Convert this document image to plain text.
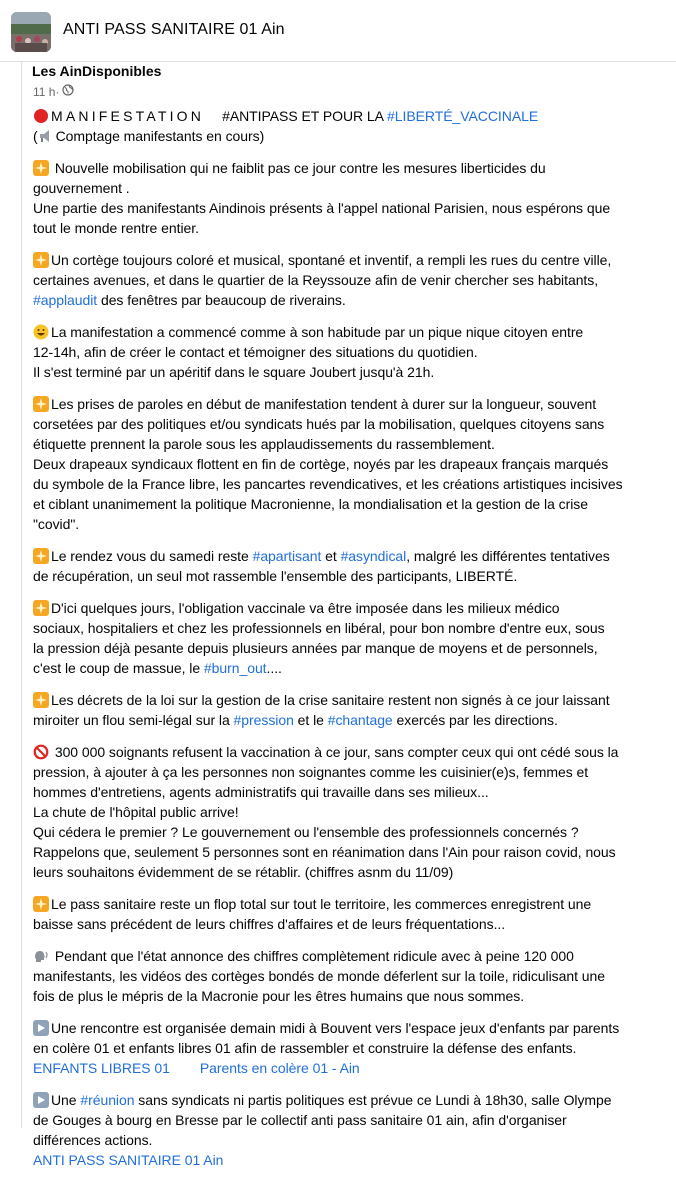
ANTI PASS SANITAIRE 01 Ain
Les AinDisponibles
11 h ·
MANIFESTATION #ANTIPASS ET POUR LA #LIBERTÉ_VACCINALE
( Comptage manifestants en cours)
Nouvelle mobilisation qui ne faiblit pas ce jour contre les mesures liberticides du
gouvernement .
Une partie des manifestants Aindinois présents à l'appel national Parisien, nous espérons que
tout le monde rentre entier.
Un cortège toujours coloré et musical, spontané et inventif, a rempli les rues du centre ville,
certaines avenues, et dans le quartier de la Reyssouze afin de venir chercher ses habitants,
#applaudit des fenêtres par beaucoup de riverains.
La manifestation a commencé comme à son habitude par un pique nique citoyen entre
12-14h, afin de créer le contact et témoigner des situations du quotidien.
Il s'est terminé par un apéritif dans le square Joubert jusqu'à 21h.
Les prises de paroles en début de manifestation tendent à durer sur la longueur, souvent
corsetées par des politiques et/ou syndicats hués par la mobilisation, quelques citoyens sans
étiquette prennent la parole sous les applaudissements du rassemblement.
Deux drapeaux syndicaux flottent en fin de cortège, noyés par les drapeaux français marqués
du symbole de la France libre, les pancartes revendicatives, et les créations artistiques incisives
et ciblant unanimement la politique Macronienne, la mondialisation et la gestion de la crise
"covid".
Le rendez vous du samedi reste #apartisant et #asyndical, malgré les différentes tentatives
de récupération, un seul mot rassemble l'ensemble des participants, LIBERTÉ.
D'ici quelques jours, l'obligation vaccinale va être imposée dans les milieux médico
sociaux, hospitaliers et chez les professionnels en libéral, pour bon nombre d'entre eux, sous
la pression déjà pesante depuis plusieurs années par manque de moyens et de personnels,
c'est le coup de massue, le #burn_out....
Les décrets de la loi sur la gestion de la crise sanitaire restent non signés à ce jour laissant
miroiter un flou semi-légal sur la #pression et le #chantage exercés par les directions.
300 000 soignants refusent la vaccination à ce jour, sans compter ceux qui ont cédé sous la
pression, à ajouter à ça les personnes non soignantes comme les cuisinier(e)s, femmes et
hommes d'entretiens, agents administratifs qui travaille dans ses milieux...
La chute de l'hôpital public arrive!
Qui cédera le premier ? Le gouvernement ou l'ensemble des professionnels concernés ?
Rappelons que, seulement 5 personnes sont en réanimation dans l'Ain pour raison covid, nous
leurs souhaitons évidemment de se rétablir. (chiffres asnm du 11/09)
Le pass sanitaire reste un flop total sur tout le territoire, les commerces enregistrent une
baisse sans précédent de leurs chiffres d'affaires et de leurs fréquentations...
Pendant que l'état annonce des chiffres complètement ridicule avec à peine 120 000
manifestants, les vidéos des cortèges bondés de monde déferlent sur la toile, ridiculisant une
fois de plus le mépris de la Macronie pour les êtres humains que nous sommes.
Une rencontre est organisée demain midi à Bouvent vers l'espace jeux d'enfants par parents
en colère 01 et enfants libres 01 afin de rassembler et construire la défense des enfants.
ENFANTS LIBRES 01 Parents en colère 01 - Ain
Une #réunion sans syndicats ni partis politiques est prévue ce Lundi à 18h30, salle Olympe
de Gouges à bourg en Bresse par le collectif anti pass sanitaire 01 ain, afin d'organiser
différences actions.
ANTI PASS SANITAIRE 01 Ain
